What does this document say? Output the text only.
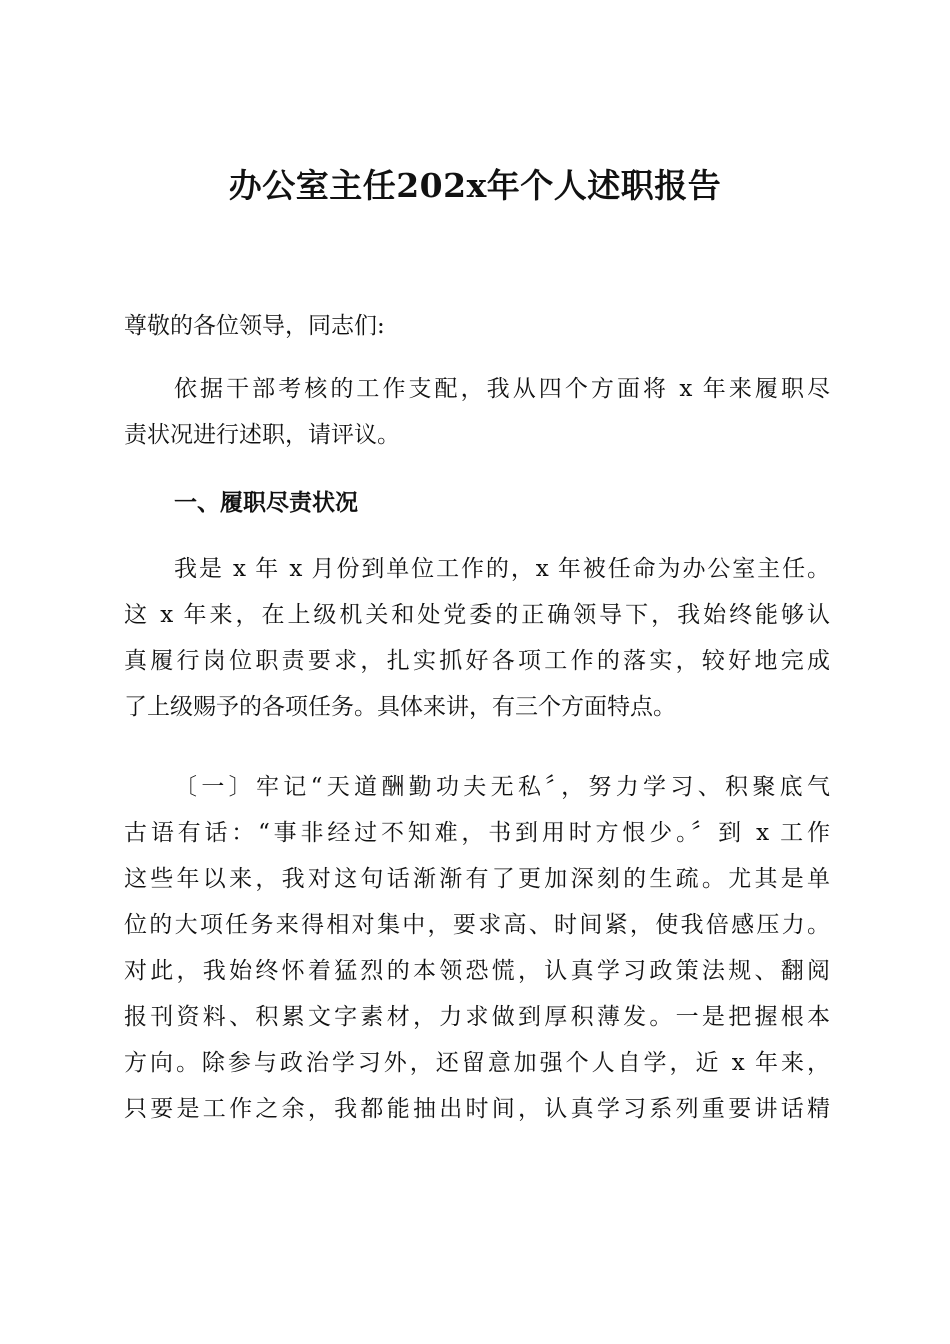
办公室主任202x年个人述职报告
尊敬的各位领导，同志们:
依据干部考核的工作支配，我从四个方面将 x 年来履职尽
责状况进行述职，请评议。
一、履职尽责状况
我是 x 年 x 月份到单位工作的，x 年被任命为办公室主任。
这 x 年来，在上级机关和处党委的正确领导下，我始终能够认
真履行岗位职责要求，扎实抓好各项工作的落实，较好地完成
了上级赐予的各项任务。具体来讲，有三个方面特点。
〔一〕牢记“天道酬勤功夫无私〞，努力学习、积聚底气
古语有话：“事非经过不知难，书到用时方恨少。〞到 x 工作
这些年以来，我对这句话渐渐有了更加深刻的生疏。尤其是单
位的大项任务来得相对集中，要求高、时间紧，使我倍感压力。
对此，我始终怀着猛烈的本领恐慌，认真学习政策法规、翻阅
报刊资料、积累文字素材，力求做到厚积薄发。一是把握根本
方向。除参与政治学习外，还留意加强个人自学，近 x 年来，
只要是工作之余，我都能抽出时间，认真学习系列重要讲话精
